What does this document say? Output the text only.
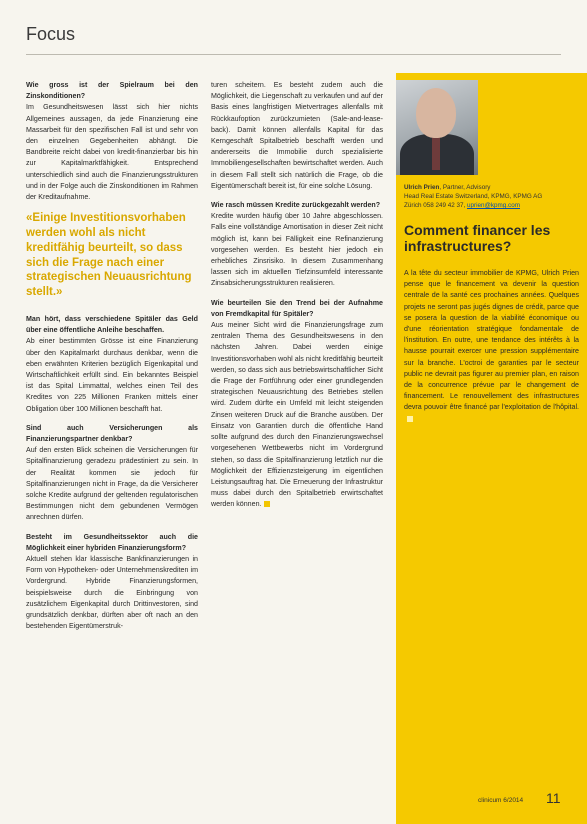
Focus

Wie gross ist der Spielraum bei den Zinskonditionen?

Im Gesundheitswesen lässt sich hier nichts Allgemeines aussagen, da jede Finanzierung eine Massarbeit für den spezifischen Fall ist und sehr von den einzelnen Gegebenheiten abhängt. Die Bandbreite reicht dabei von kredit-finanzierbar bis hin zur Kapitalmarktfähigkeit. Entsprechend unterschiedlich sind auch die Finanzierungsstrukturen und in der Folge auch die Zinskonditionen im Rahmen der Kreditaufnahme.

«Einige Investitionsvorhaben werden wohl als nicht kreditfähig beurteilt, so dass sich die Frage nach einer strategischen Neuausrichtung stellt.»

Man hört, dass verschiedene Spitäler das Geld über eine öffentliche Anleihe beschaffen.

Ab einer bestimmten Grösse ist eine Finanzierung über den Kapitalmarkt durchaus denkbar, wenn die eben erwähnten Kriterien bezüglich Eigenkapital und Wirtschaftlichkeit erfüllt sind. Ein bekanntes Beispiel ist das Spital Limmattal, welches einen Teil des Kredites von 225 Millionen Franken mittels einer Obligation über 100 Millionen beschafft hat.

Sind auch Versicherungen als Finanzierungspartner denkbar?

Auf den ersten Blick scheinen die Versicherungen für Spitalfinanzierung geradezu prädestiniert zu sein. In der Realität kommen sie jedoch für Spitalfinanzierungen nicht in Frage, da die Versicherer solche Kredite aufgrund der geltenden regulatorischen Bestimmungen nicht dem gebundenen Vermögen anrechnen dürfen.

Besteht im Gesundheitssektor auch die Möglichkeit einer hybriden Finanzierungsform?

Aktuell stehen klar klassische Bankfinanzierungen in Form von Hypotheken- oder Unternehmenskrediten im Vordergrund. Hybride Finanzierungsformen, beispielsweise durch die Einbringung von zusätzlichem Eigenkapital durch Drittinvestoren, sind grundsätzlich denkbar, dürften aber oft nach an den bestehenden Eigentümerstruk-

turen scheitern. Es besteht zudem auch die Möglichkeit, die Liegenschaft zu verkaufen und auf der Basis eines langfristigen Mietvertrages allenfalls mit Rückkaufoption zurückzumieten (Sale-and-lease-back). Damit können allenfalls Kapital für das Kerngeschäft Spitalbetrieb beschafft werden und andererseits die Immobilie durch spezialisierte Immobiliengesellschaften bewirtschaftet werden. Auch in diesem Fall stellt sich natürlich die Frage, ob die Eigentümerschaft bereit ist, für eine solche Lösung.

Wie rasch müssen Kredite zurückgezahlt werden?

Kredite wurden häufig über 10 Jahre abgeschlossen. Falls eine vollständige Amortisation in dieser Zeit nicht möglich ist, kann bei Fälligkeit eine Refinanzierung vorgesehen werden. Es besteht hier jedoch ein erhebliches Zinsrisiko. In diesem Zusammenhang lassen sich im aktuellen Tiefzinsumfeld interessante Zinsabsicherungsstrukturen realisieren.

Wie beurteilen Sie den Trend bei der Aufnahme von Fremdkapital für Spitäler?

Aus meiner Sicht wird die Finanzierungsfrage zum zentralen Thema des Gesundheitswesens in den nächsten Jahren. Dabei werden einige Investitionsvorhaben wohl als nicht kreditfähig beurteilt werden, so dass sich aus betriebswirtschaftlicher Sicht die Frage der Fortführung oder einer grundlegenden strategischen Neuausrichtung des Betriebes stellen wird. Zudem dürfte ein Umfeld mit leicht steigenden Zinsen weiteren Druck auf die Branche ausüben. Der Einsatz von Garantien durch die öffentliche Hand sollte aufgrund des durch den Finanzierungswechsel vorgesehenen Wettbewerbs nicht im Vordergrund stehen, so dass die Spitalfinanzierung letztlich nur die Möglichkeit der Effizienzsteigerung im eigentlichen Leistungsauftrag hat. Die Erneuerung der Infrastruktur muss dabei durch den Spitalbetrieb erwirtschaftet werden können.

Ulrich Prien, Partner, Advisory
Head Real Estate Switzerland, KPMG, KPMG AG
Zürich 058 249 42 37, uprien@kpmg.com
Comment financer les infrastructures?
A la tête du secteur immobilier de KPMG, Ulrich Prien pense que le financement va devenir la question centrale de la santé ces prochaines années. Quelques projets ne seront pas jugés dignes de crédit, parce que se posera la question de la viabilité économique ou d'une réorientation stratégique fondamentale de l'institution. En outre, une tendance des intérêts à la hausse pourrait exercer une pression supplémentaire sur la branche. L'octroi de garanties par le secteur public ne devrait pas figurer au premier plan, en raison de la concurrence prévue par le changement de financement. Le renouvellement des infrastructures devra pouvoir être financé par l'exploitation de l'hôpital.
clinicum 6/2014 11
